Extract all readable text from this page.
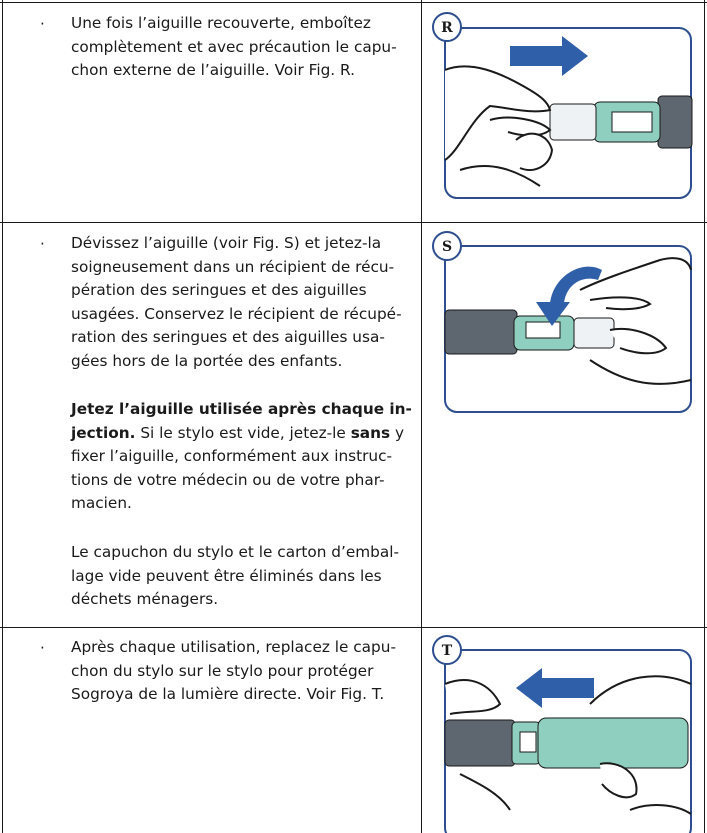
· Une fois l’aiguille recouverte, emboîtez
complètement et avec précaution le capu-
chon externe de l’aiguille. Voir Fig. R.

R
· Dévissez l’aiguille (voir Fig. S) et jetez-la
soigneusement dans un récipient de récu-
pération des seringues et des aiguilles
usagées. Conservez le récipient de récupé-
ration des seringues et des aiguilles usa-
gées hors de la portée des enfants.

Jetez l’aiguille utilisée après chaque in-
jection. Si le stylo est vide, jetez-le sans y
fixer l’aiguille, conformément aux instruc-
tions de votre médecin ou de votre phar-
macien.

Le capuchon du stylo et le carton d’embal-
lage vide peuvent être éliminés dans les
déchets ménagers.

S
· Après chaque utilisation, replacez le capu-
chon du stylo sur le stylo pour protéger
Sogroya de la lumière directe. Voir Fig. T.

T
